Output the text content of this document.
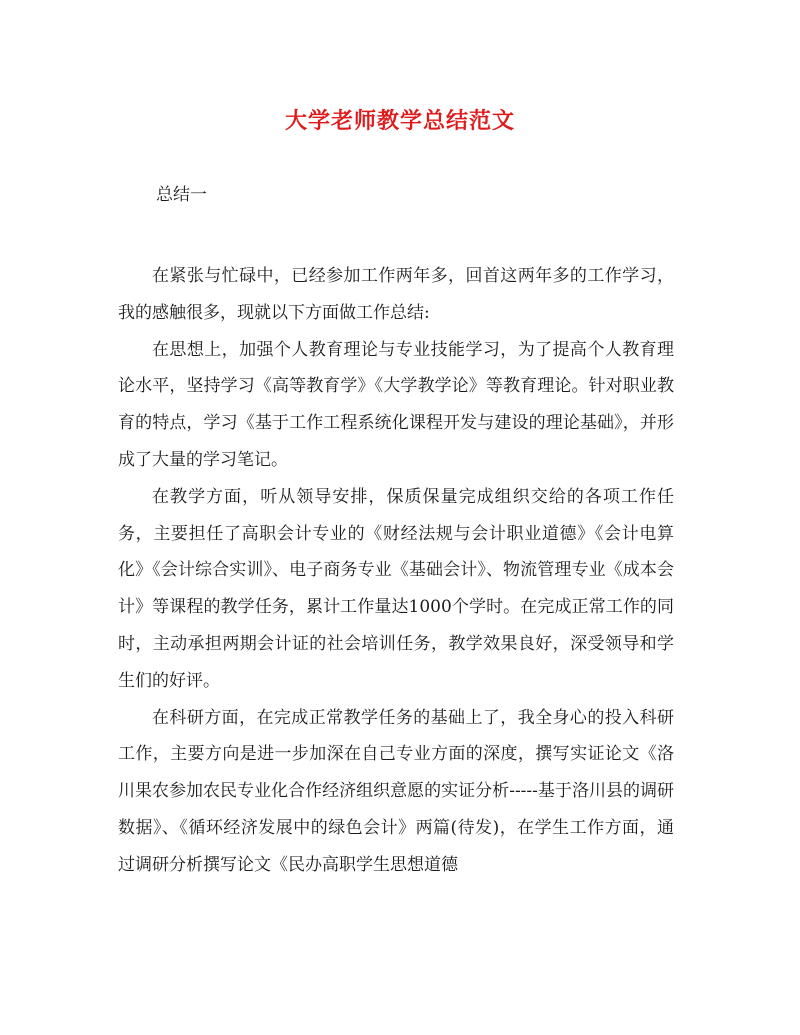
大学老师教学总结范文

总结一

在紧张与忙碌中，已经参加工作两年多，回首这两年多的工作学习，我的感触很多，现就以下方面做工作总结:

在思想上，加强个人教育理论与专业技能学习，为了提高个人教育理论水平，坚持学习《高等教育学》《大学教学论》等教育理论。针对职业教育的特点，学习《基于工作工程系统化课程开发与建设的理论基础》，并形成了大量的学习笔记。

在教学方面，听从领导安排，保质保量完成组织交给的各项工作任务，主要担任了高职会计专业的《财经法规与会计职业道德》《会计电算化》《会计综合实训》、电子商务专业《基础会计》、物流管理专业《成本会计》等课程的教学任务，累计工作量达1000个学时。在完成正常工作的同时，主动承担两期会计证的社会培训任务，教学效果良好，深受领导和学生们的好评。

在科研方面，在完成正常教学任务的基础上了，我全身心的投入科研工作，主要方向是进一步加深在自己专业方面的深度，撰写实证论文《洛川果农参加农民专业化合作经济组织意愿的实证分析-----基于洛川县的调研数据》、《循环经济发展中的绿色会计》两篇(待发)，在学生工作方面，通过调研分析撰写论文《民办高职学生思想道德
